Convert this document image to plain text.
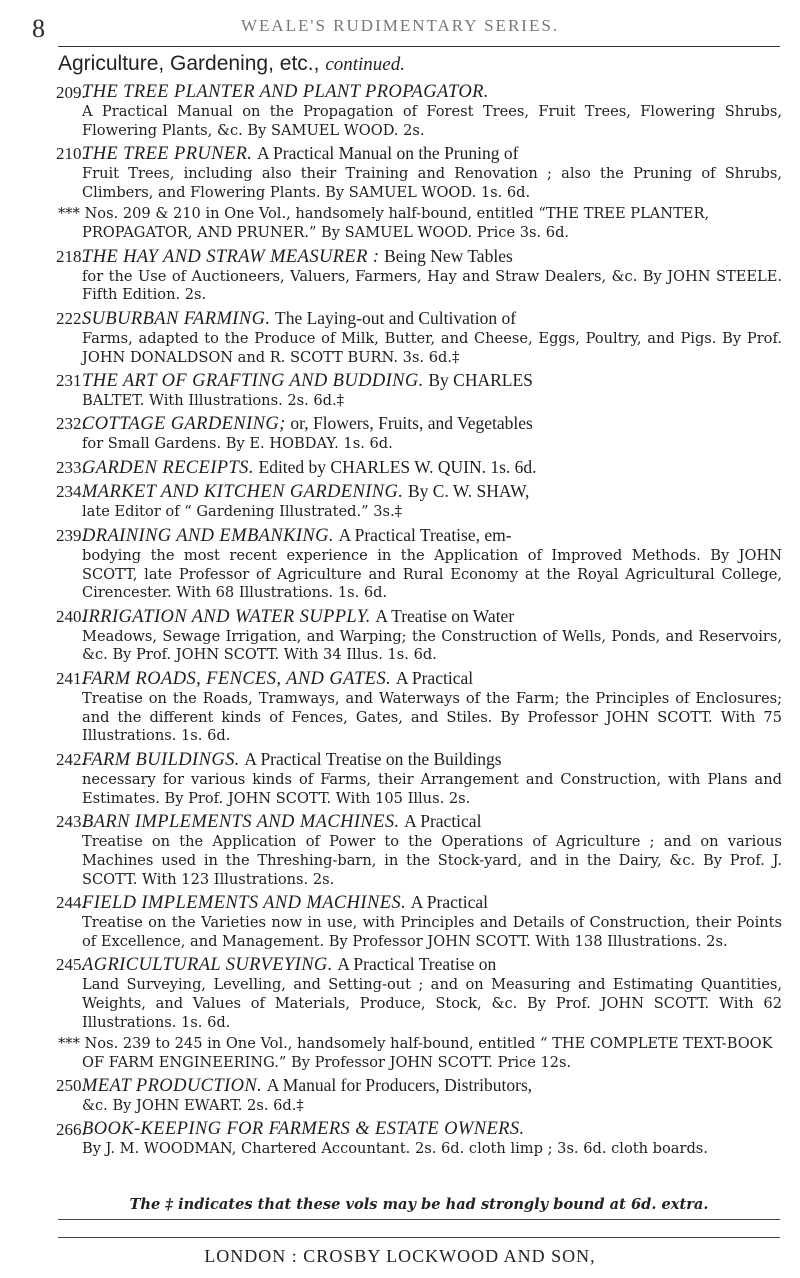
8	WEALE'S RUDIMENTARY SERIES.
Agriculture, Gardening, etc., continued.
209.
THE TREE PLANTER AND PLANT PROPAGATOR.
A Practical Manual on the Propagation of Forest Trees, Fruit Trees, Flowering Shrubs, Flowering Plants, &c. By SAMUEL WOOD. 2s.
210.
THE TREE PRUNER. A Practical Manual on the Pruning of
Fruit Trees, including also their Training and Renovation ; also the Pruning of Shrubs, Climbers, and Flowering Plants. By SAMUEL WOOD. 1s. 6d.
*** Nos. 209 & 210 in One Vol., handsomely half-bound, entitled “THE TREE PLANTER, PROPAGATOR, AND PRUNER.” By SAMUEL WOOD. Price 3s. 6d.
218.
THE HAY AND STRAW MEASURER : Being New Tables
for the Use of Auctioneers, Valuers, Farmers, Hay and Straw Dealers, &c. By JOHN STEELE. Fifth Edition. 2s.
222.
SUBURBAN FARMING. The Laying-out and Cultivation of
Farms, adapted to the Produce of Milk, Butter, and Cheese, Eggs, Poultry, and Pigs. By Prof. JOHN DONALDSON and R. SCOTT BURN. 3s. 6d.‡
231 THE ART OF GRAFTING AND BUDDING. By CHARLES
BALTET. With Illustrations. 2s. 6d.‡
232.
COTTAGE GARDENING; or, Flowers, Fruits, and Vegetables
for Small Gardens. By E. HOBDAY. 1s. 6d.
233.
GARDEN RECEIPTS. Edited by CHARLES W. QUIN. 1s. 6d.
234.
MARKET AND KITCHEN GARDENING. By C. W. SHAW,
late Editor of “ Gardening Illustrated.” 3s.‡
239.
DRAINING AND EMBANKING. A Practical Treatise, em-
bodying the most recent experience in the Application of Improved Methods. By JOHN SCOTT, late Professor of Agriculture and Rural Economy at the Royal Agricultural College, Cirencester. With 68 Illustrations. 1s. 6d.
240.
IRRIGATION AND WATER SUPPLY. A Treatise on Water
Meadows, Sewage Irrigation, and Warping; the Construction of Wells, Ponds, and Reservoirs, &c. By Prof. JOHN SCOTT. With 34 Illus. 1s. 6d.
241.
FARM ROADS, FENCES, AND GATES. A Practical
Treatise on the Roads, Tramways, and Waterways of the Farm; the Principles of Enclosures; and the different kinds of Fences, Gates, and Stiles. By Professor JOHN SCOTT. With 75 Illustrations. 1s. 6d.
242.
FARM BUILDINGS. A Practical Treatise on the Buildings
necessary for various kinds of Farms, their Arrangement and Construction, with Plans and Estimates. By Prof. JOHN SCOTT. With 105 Illus. 2s.
243.
BARN IMPLEMENTS AND MACHINES. A Practical
Treatise on the Application of Power to the Operations of Agriculture ; and on various Machines used in the Threshing-barn, in the Stock-yard, and in the Dairy, &c. By Prof. J. SCOTT. With 123 Illustrations. 2s.
244.
FIELD IMPLEMENTS AND MACHINES. A Practical
Treatise on the Varieties now in use, with Principles and Details of Construction, their Points of Excellence, and Management. By Professor JOHN SCOTT. With 138 Illustrations. 2s.
245.
AGRICULTURAL SURVEYING. A Practical Treatise on
Land Surveying, Levelling, and Setting-out ; and on Measuring and Estimating Quantities, Weights, and Values of Materials, Produce, Stock, &c. By Prof. JOHN SCOTT. With 62 Illustrations. 1s. 6d.
*** Nos. 239 to 245 in One Vol., handsomely half-bound, entitled “ THE COMPLETE TEXT-BOOK OF FARM ENGINEERING.” By Professor JOHN SCOTT. Price 12s.
250.
MEAT PRODUCTION. A Manual for Producers, Distributors,
&c. By JOHN EWART. 2s. 6d.‡
266.
BOOK-KEEPING FOR FARMERS & ESTATE OWNERS.
By J. M. WOODMAN, Chartered Accountant. 2s. 6d. cloth limp ; 3s. 6d. cloth boards.
The ‡ indicates that these vols may be had strongly bound at 6d. extra.
LONDON : CROSBY LOCKWOOD AND SON,
